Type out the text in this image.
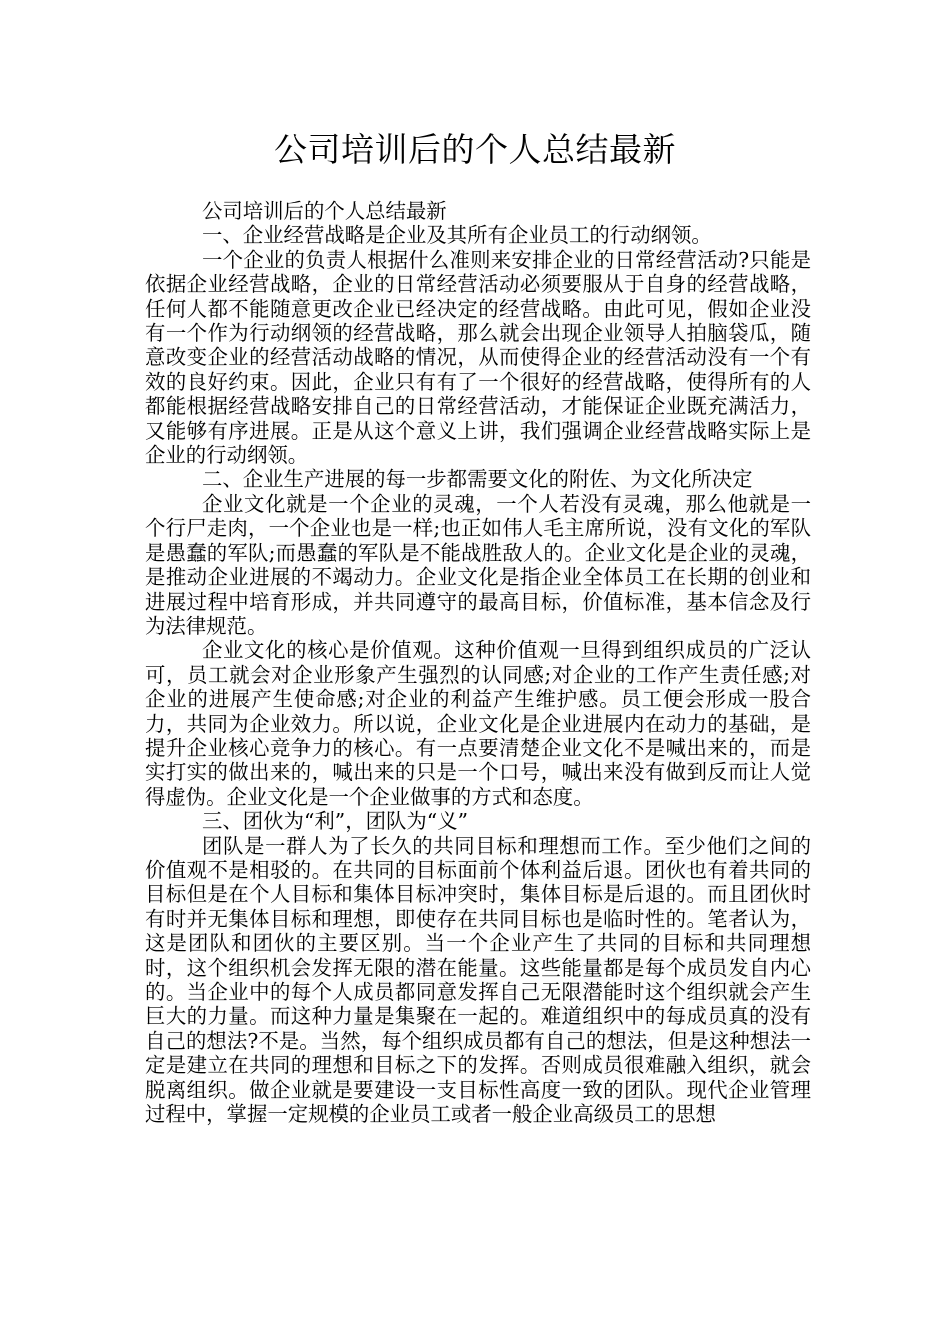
公司培训后的个人总结最新

公司培训后的个人总结最新

一、企业经营战略是企业及其所有企业员工的行动纲领。

一个企业的负责人根据什么准则来安排企业的日常经营活动?只能是依据企业经营战略，企业的日常经营活动必须要服从于自身的经营战略，任何人都不能随意更改企业已经决定的经营战略。由此可见，假如企业没有一个作为行动纲领的经营战略，那么就会出现企业领导人拍脑袋瓜，随意改变企业的经营活动战略的情况，从而使得企业的经营活动没有一个有效的良好约束。因此，企业只有有了一个很好的经营战略，使得所有的人都能根据经营战略安排自己的日常经营活动，才能保证企业既充满活力，又能够有序进展。正是从这个意义上讲，我们强调企业经营战略实际上是企业的行动纲领。

二、企业生产进展的每一步都需要文化的附佐、为文化所决定

企业文化就是一个企业的灵魂，一个人若没有灵魂，那么他就是一个行尸走肉，一个企业也是一样;也正如伟人毛主席所说，没有文化的军队是愚蠢的军队;而愚蠢的军队是不能战胜敌人的。企业文化是企业的灵魂，是推动企业进展的不竭动力。企业文化是指企业全体员工在长期的创业和进展过程中培育形成，并共同遵守的最高目标，价值标准，基本信念及行为法律规范。

企业文化的核心是价值观。这种价值观一旦得到组织成员的广泛认可，员工就会对企业形象产生强烈的认同感;对企业的工作产生责任感;对企业的进展产生使命感;对企业的利益产生维护感。员工便会形成一股合力，共同为企业效力。所以说，企业文化是企业进展内在动力的基础，是提升企业核心竞争力的核心。有一点要清楚企业文化不是喊出来的，而是实打实的做出来的，喊出来的只是一个口号，喊出来没有做到反而让人觉得虚伪。企业文化是一个企业做事的方式和态度。

三、团伙为“利”，团队为“义”

团队是一群人为了长久的共同目标和理想而工作。至少他们之间的价值观不是相驳的。在共同的目标面前个体利益后退。团伙也有着共同的目标但是在个人目标和集体目标冲突时，集体目标是后退的。而且团伙时有时并无集体目标和理想，即使存在共同目标也是临时性的。笔者认为，这是团队和团伙的主要区别。当一个企业产生了共同的目标和共同理想时，这个组织机会发挥无限的潜在能量。这些能量都是每个成员发自内心的。当企业中的每个人成员都同意发挥自己无限潜能时这个组织就会产生巨大的力量。而这种力量是集聚在一起的。难道组织中的每成员真的没有自己的想法?不是。当然，每个组织成员都有自己的想法，但是这种想法一定是建立在共同的理想和目标之下的发挥。否则成员很难融入组织，就会脱离组织。做企业就是要建设一支目标性高度一致的团队。现代企业管理过程中，掌握一定规模的企业员工或者一般企业高级员工的思想
